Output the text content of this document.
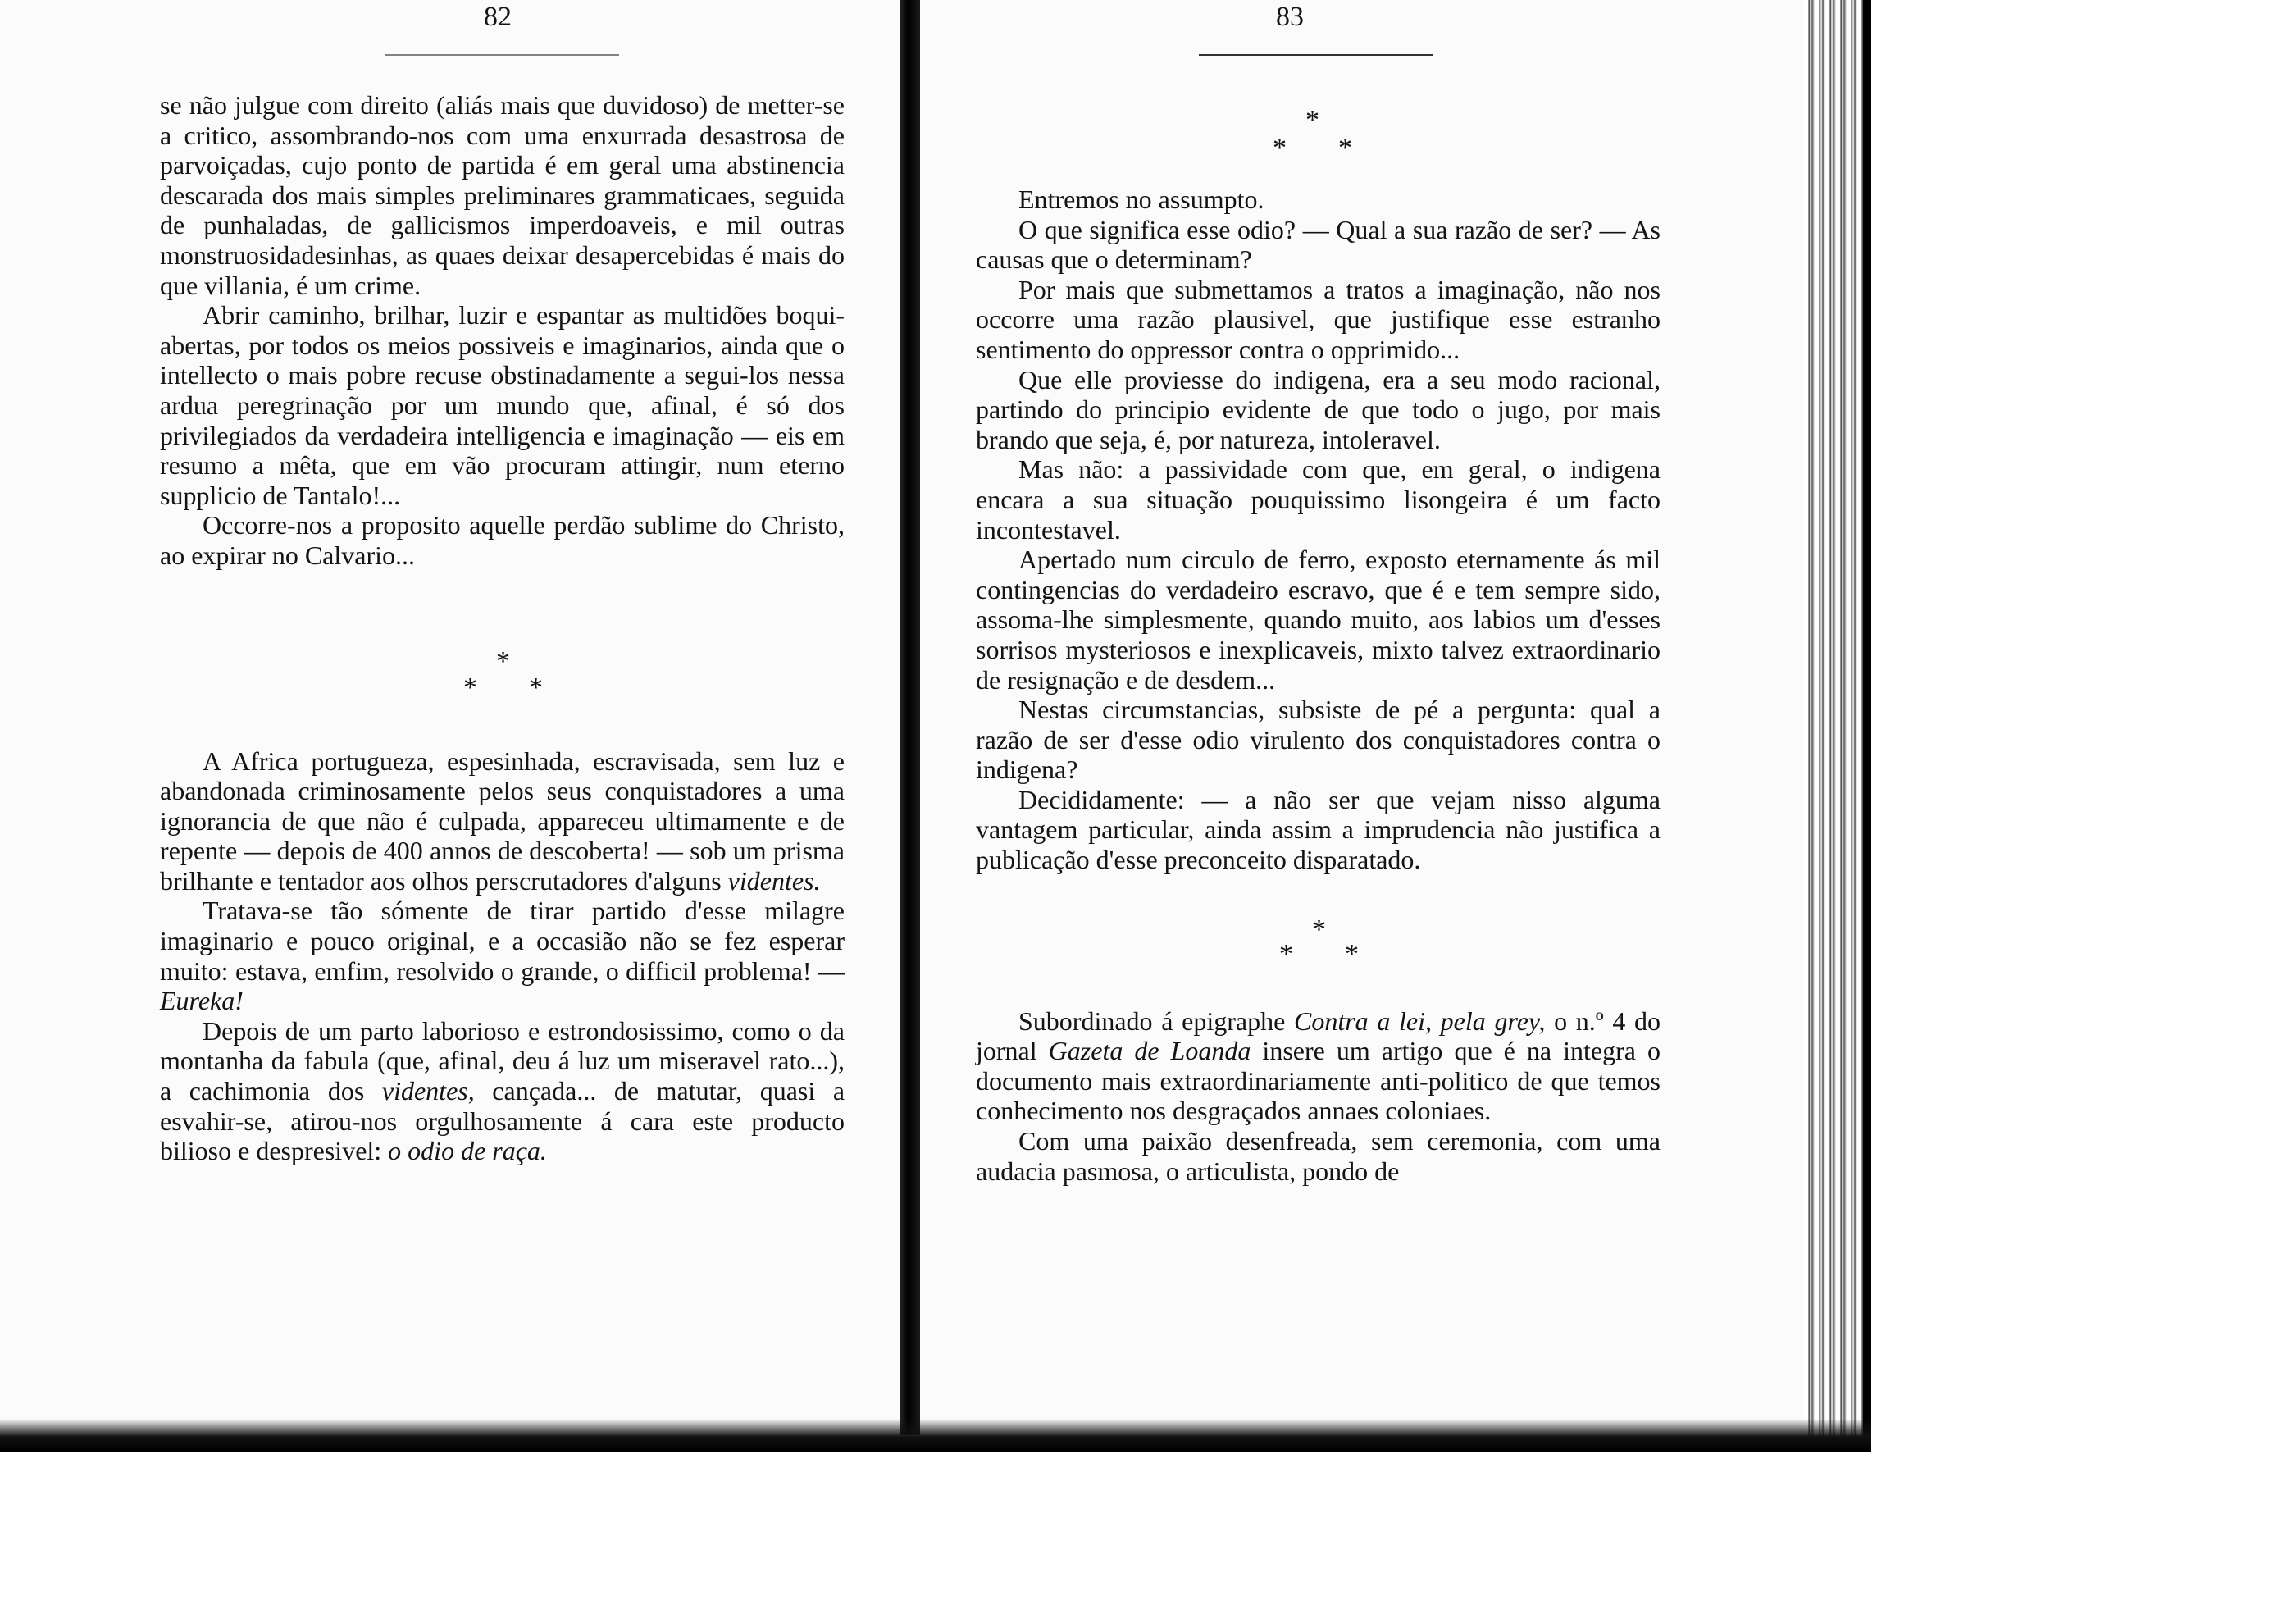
82	83

se não julgue com direito (aliás mais que duvidoso) de metter-se a critico, assombrando-nos com uma enxurrada desastrosa de parvoiçadas, cujo ponto de partida é em geral uma abstinencia descarada dos mais simples preliminares grammaticaes, seguida de punhaladas, de gallicismos imperdoaveis, e mil outras monstruosidadesinhas, as quaes deixar desapercebidas é mais do que villania, é um crime.

Abrir caminho, brilhar, luzir e espantar as multidões boqui-abertas, por todos os meios possiveis e imaginarios, ainda que o intellecto o mais pobre recuse obstinadamente a segui-los nessa ardua peregrinação por um mundo que, afinal, é só dos privilegiados da verdadeira intelligencia e imaginação — eis em resumo a mêta, que em vão procuram attingir, num eterno supplicio de Tantalo!...

Occorre-nos a proposito aquelle perdão sublime do Christo, ao expirar no Calvario...

*
* *

A Africa portugueza, espesinhada, escravisada, sem luz e abandonada criminosamente pelos seus conquistadores a uma ignorancia de que não é culpada, appareceu ultimamente e de repente — depois de 400 annos de descoberta! — sob um prisma brilhante e tentador aos olhos perscrutadores d'alguns videntes.

Tratava-se tão sómente de tirar partido d'esse milagre imaginario e pouco original, e a occasião não se fez esperar muito: estava, emfim, resolvido o grande, o difficil problema! — Eureka!

Depois de um parto laborioso e estrondosissimo, como o da montanha da fabula (que, afinal, deu á luz um miseravel rato...), a cachimonia dos videntes, cançada... de matutar, quasi a esvahir-se, atirou-nos orgulhosamente á cara este producto bilioso e despresivel: o odio de raça.

*
* *

Entremos no assumpto.

O que significa esse odio? — Qual a sua razão de ser? — As causas que o determinam?

Por mais que submettamos a tratos a imaginação, não nos occorre uma razão plausivel, que justifique esse estranho sentimento do oppressor contra o opprimido...

Que elle proviesse do indigena, era a seu modo racional, partindo do principio evidente de que todo o jugo, por mais brando que seja, é, por natureza, intoleravel.

Mas não: a passividade com que, em geral, o indigena encara a sua situação pouquissimo lisongeira é um facto incontestavel.

Apertado num circulo de ferro, exposto eternamente ás mil contingencias do verdadeiro escravo, que é e tem sempre sido, assoma-lhe simplesmente, quando muito, aos labios um d'esses sorrisos mysteriosos e inexplicaveis, mixto talvez extraordinario de resignação e de desdem...

Nestas circumstancias, subsiste de pé a pergunta: qual a razão de ser d'esse odio virulento dos conquistadores contra o indigena?

Decididamente: — a não ser que vejam nisso alguma vantagem particular, ainda assim a imprudencia não justifica a publicação d'esse preconceito disparatado.

*
* *

Subordinado á epigraphe Contra a lei, pela grey, o n.º 4 do jornal Gazeta de Loanda insere um artigo que é na integra o documento mais extraordinariamente anti-politico de que temos conhecimento nos desgraçados annaes coloniaes.

Com uma paixão desenfreada, sem ceremonia, com uma audacia pasmosa, o articulista, pondo de
